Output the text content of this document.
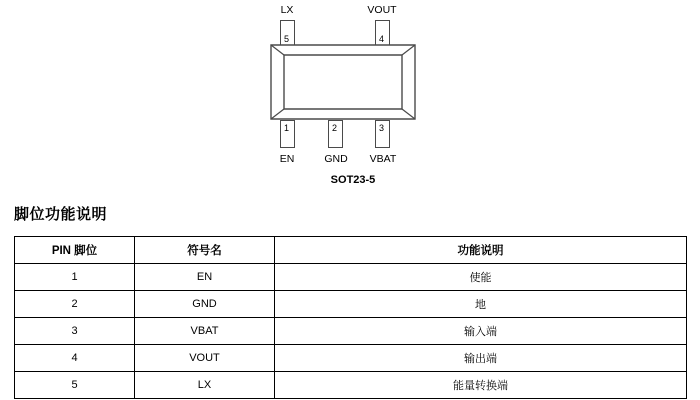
LX	VOUT
5	4
1	2	3
EN	GND	VBAT
SOT23-5
脚位功能说明
PIN 脚位	符号名	功能说明
1	EN	使能
2	GND	地
3	VBAT	输入端
4	VOUT	输出端
5	LX	能量转换端
